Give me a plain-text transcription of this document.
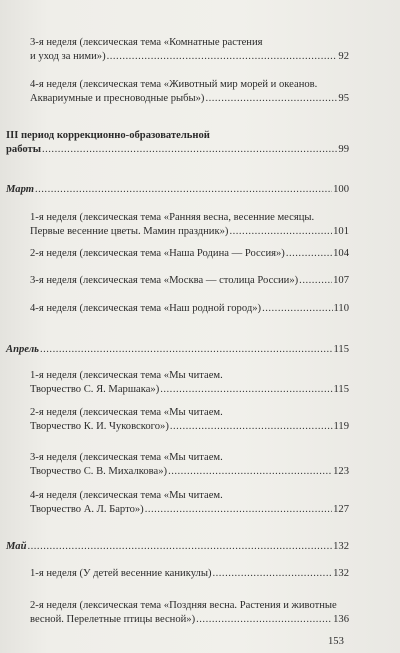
3-я неделя (лексическая тема «Комнатные растения
и уход за ними») .....	92
4-я неделя (лексическая тема «Животный мир морей и океанов.
Аквариумные и пресноводные рыбы») .....	95
III период коррекционно-образовательной
работы .....	99
Март .....	100
1-я неделя (лексическая тема «Ранняя весна, весенние месяцы.
Первые весенние цветы. Мамин праздник») .....	101
2-я неделя (лексическая тема «Наша Родина — Россия») .....	104
3-я неделя (лексическая тема «Москва — столица России») .....	107
4-я неделя (лексическая тема «Наш родной город») .....	110
Апрель .....	115
1-я неделя (лексическая тема «Мы читаем.
Творчество С. Я. Маршака») .....	115
2-я неделя (лексическая тема «Мы читаем.
Творчество К. И. Чуковского») .....	119
3-я неделя (лексическая тема «Мы читаем.
Творчество С. В. Михалкова») .....	123
4-я неделя (лексическая тема «Мы читаем.
Творчество А. Л. Барто») .....	127
Май .....	132
1-я неделя (У детей весенние каникулы) .....	132
2-я неделя (лексическая тема «Поздняя весна. Растения и животные
весной. Перелетные птицы весной») .....	136
153
